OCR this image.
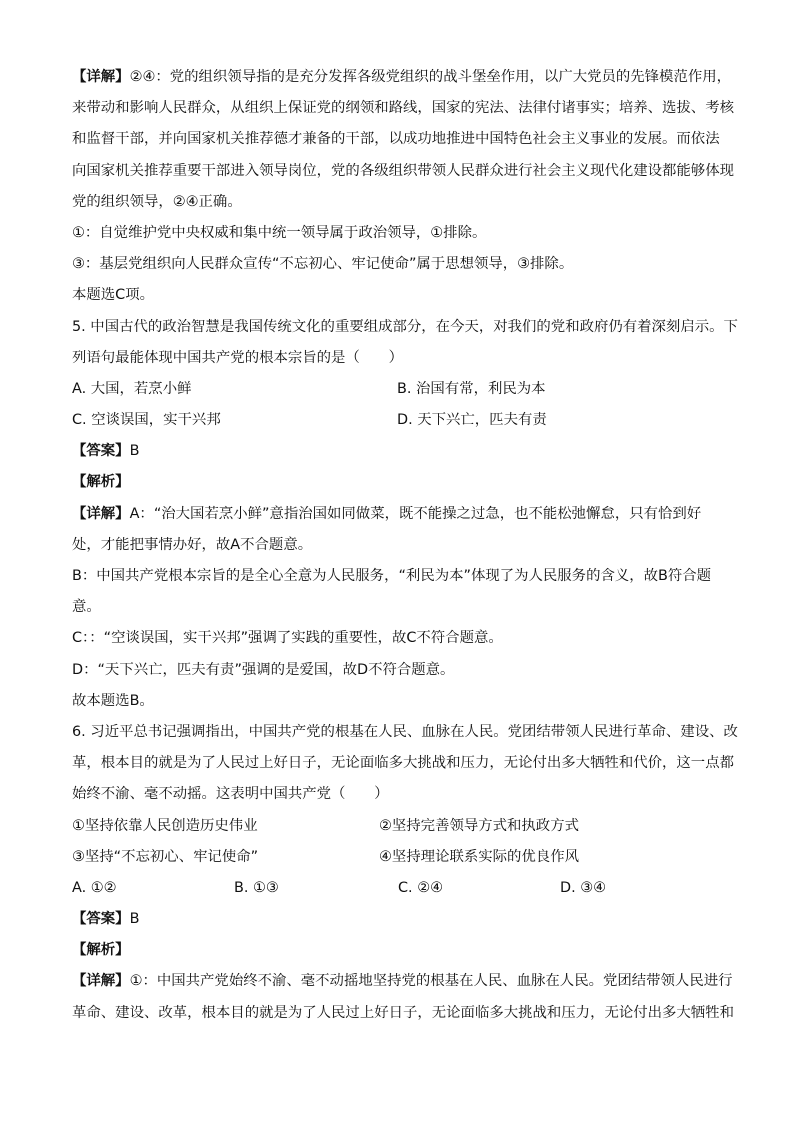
【详解】②④：党的组织领导指的是充分发挥各级党组织的战斗堡垒作用，以广大党员的先锋模范作用，
来带动和影响人民群众，从组织上保证党的纲领和路线，国家的宪法、法律付诸事实；培养、选拔、考核
和监督干部，并向国家机关推荐德才兼备的干部，以成功地推进中国特色社会主义事业的发展。而依法
向国家机关推荐重要干部进入领导岗位，党的各级组织带领人民群众进行社会主义现代化建设都能够体现
党的组织领导，②④正确。
①：自觉维护党中央权威和集中统一领导属于政治领导，①排除。
③：基层党组织向人民群众宣传“不忘初心、牢记使命”属于思想领导，③排除。
本题选C项。
5. 中国古代的政治智慧是我国传统文化的重要组成部分，在今天，对我们的党和政府仍有着深刻启示。下
列语句最能体现中国共产党的根本宗旨的是（　　）
A. 大国，若烹小鲜	B. 治国有常，利民为本
C. 空谈误国，实干兴邦	D. 天下兴亡，匹夫有责
【答案】B
【解析】
【详解】A：“治大国若烹小鲜”意指治国如同做菜，既不能操之过急，也不能松弛懈怠，只有恰到好
处，才能把事情办好，故A不合题意。
B：中国共产党根本宗旨的是全心全意为人民服务，“利民为本”体现了为人民服务的含义，故B符合题
意。
C：：“空谈误国，实干兴邦”强调了实践的重要性，故C不符合题意。
D：“天下兴亡，匹夫有责”强调的是爱国，故D不符合题意。
故本题选B。
6. 习近平总书记强调指出，中国共产党的根基在人民、血脉在人民。党团结带领人民进行革命、建设、改
革，根本目的就是为了人民过上好日子，无论面临多大挑战和压力，无论付出多大牺牲和代价，这一点都
始终不渝、毫不动摇。这表明中国共产党（　　）
①坚持依靠人民创造历史伟业	②坚持完善领导方式和执政方式
③坚持“不忘初心、牢记使命”	④坚持理论联系实际的优良作风
A. ①②	B. ①③	C. ②④	D. ③④
【答案】B
【解析】
【详解】①：中国共产党始终不渝、毫不动摇地坚持党的根基在人民、血脉在人民。党团结带领人民进行
革命、建设、改革，根本目的就是为了人民过上好日子，无论面临多大挑战和压力，无论付出多大牺牲和
